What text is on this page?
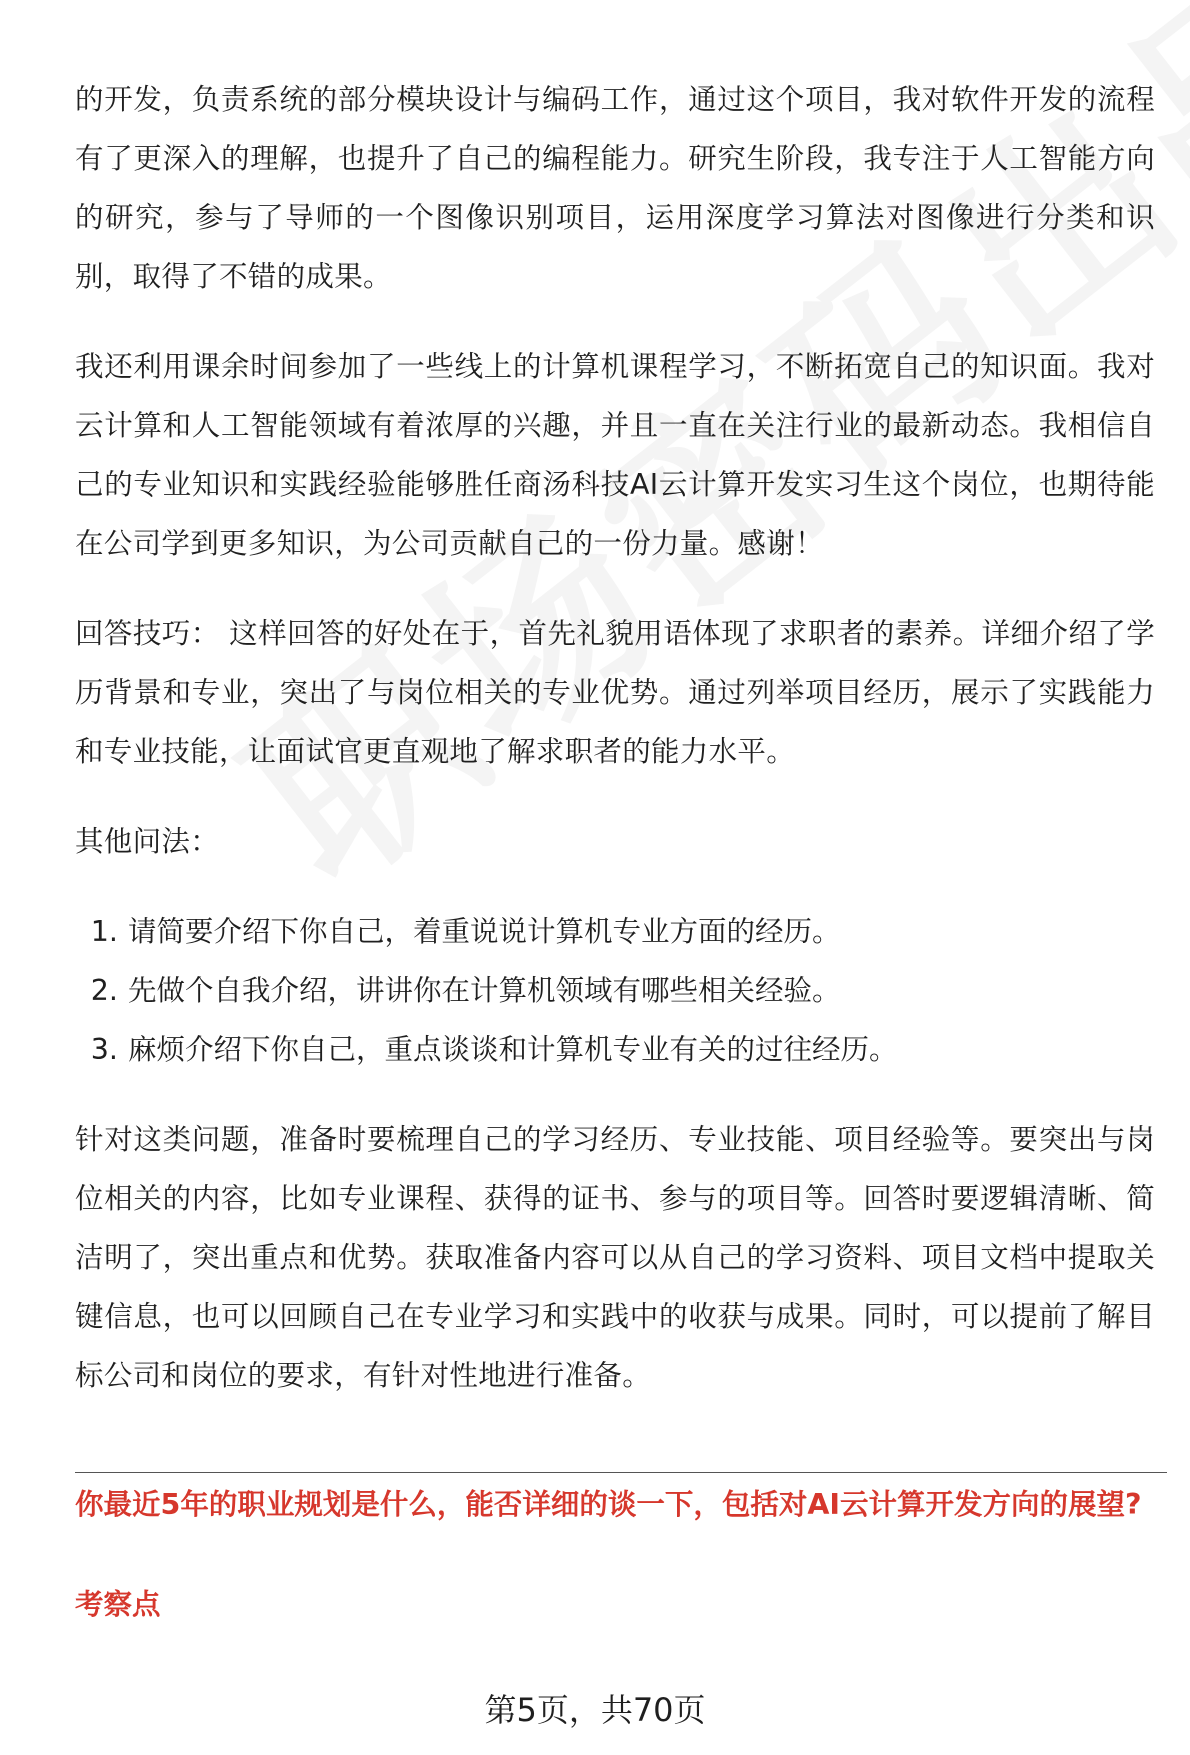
的开发，负责系统的部分模块设计与编码工作，通过这个项目，我对软件开发的流程有了更深入的理解，也提升了自己的编程能力。研究生阶段，我专注于人工智能方向的研究，参与了导师的一个图像识别项目，运用深度学习算法对图像进行分类和识别，取得了不错的成果。

我还利用课余时间参加了一些线上的计算机课程学习，不断拓宽自己的知识面。我对云计算和人工智能领域有着浓厚的兴趣，并且一直在关注行业的最新动态。我相信自己的专业知识和实践经验能够胜任商汤科技AI云计算开发实习生这个岗位，也期待能在公司学到更多知识，为公司贡献自己的一份力量。感谢！

回答技巧： 这样回答的好处在于，首先礼貌用语体现了求职者的素养。详细介绍了学历背景和专业，突出了与岗位相关的专业优势。通过列举项目经历，展示了实践能力和专业技能，让面试官更直观地了解求职者的能力水平。

其他问法：

1. 请简要介绍下你自己，着重说说计算机专业方面的经历。
2. 先做个自我介绍，讲讲你在计算机领域有哪些相关经验。
3. 麻烦介绍下你自己，重点谈谈和计算机专业有关的过往经历。

针对这类问题，准备时要梳理自己的学习经历、专业技能、项目经验等。要突出与岗位相关的内容，比如专业课程、获得的证书、参与的项目等。回答时要逻辑清晰、简洁明了，突出重点和优势。获取准备内容可以从自己的学习资料、项目文档中提取关键信息，也可以回顾自己在专业学习和实践中的收获与成果。同时，可以提前了解目标公司和岗位的要求，有针对性地进行准备。

你最近5年的职业规划是什么，能否详细的谈一下，包括对AI云计算开发方向的展望?

考察点

第5页，共70页
